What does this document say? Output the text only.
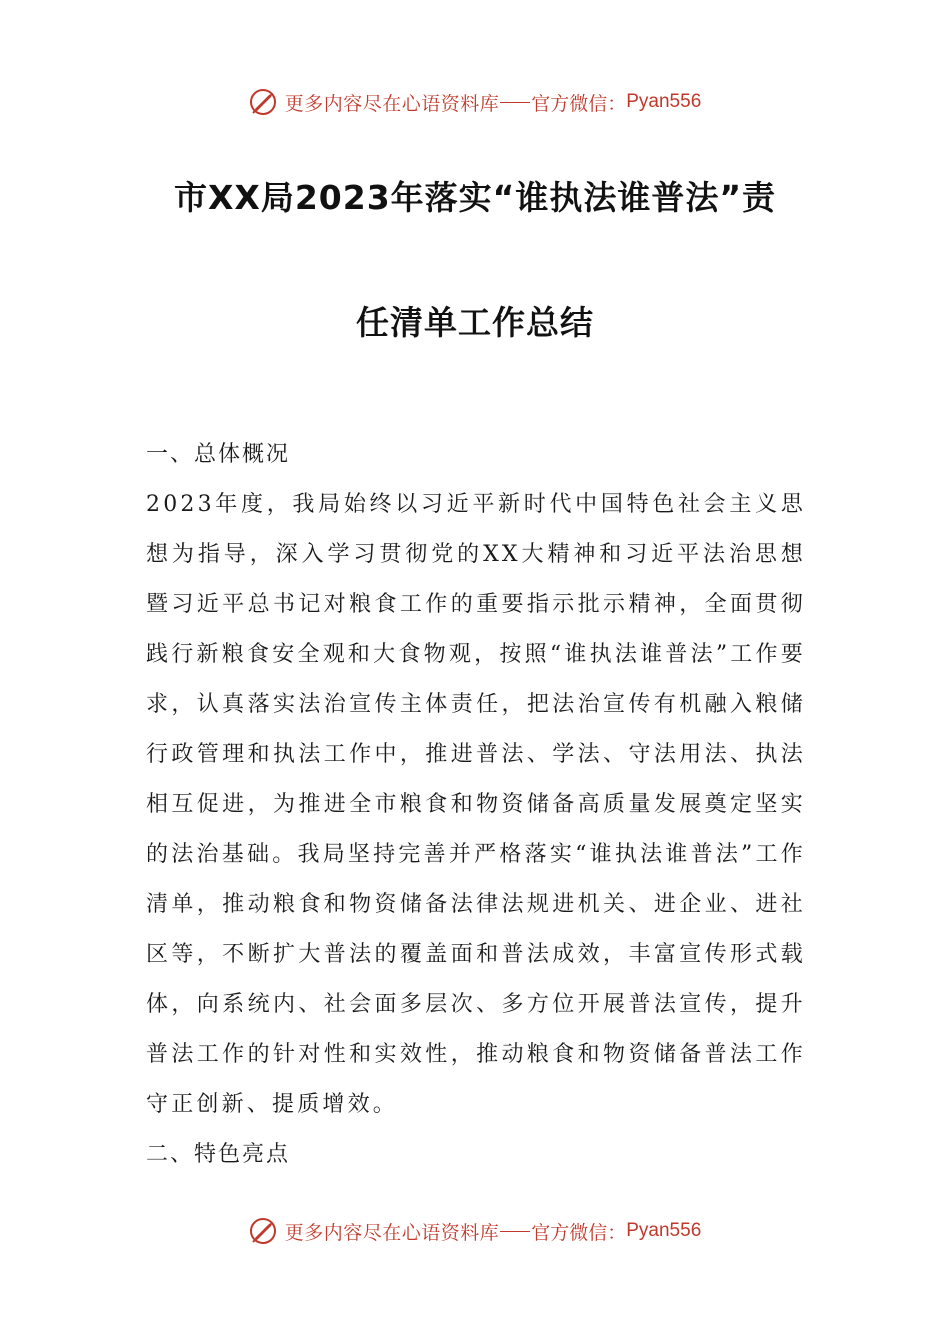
更多内容尽在心语资料库 官方微信： Pyan556
市XX局2023年落实“谁执法谁普法”责
任清单工作总结
一、总体概况
2023年度，我局始终以习近平新时代中国特色社会主义思想为指导，深入学习贯彻党的XX大精神和习近平法治思想暨习近平总书记对粮食工作的重要指示批示精神，全面贯彻践行新粮食安全观和大食物观，按照“谁执法谁普法”工作要求，认真落实法治宣传主体责任，把法治宣传有机融入粮储行政管理和执法工作中，推进普法、学法、守法用法、执法相互促进，为推进全市粮食和物资储备高质量发展奠定坚实的法治基础。我局坚持完善并严格落实“谁执法谁普法”工作清单，推动粮食和物资储备法律法规进机关、进企业、进社区等，不断扩大普法的覆盖面和普法成效，丰富宣传形式载体，向系统内、社会面多层次、多方位开展普法宣传，提升普法工作的针对性和实效性，推动粮食和物资储备普法工作守正创新、提质增效。
二、特色亮点
更多内容尽在心语资料库 官方微信： Pyan556
